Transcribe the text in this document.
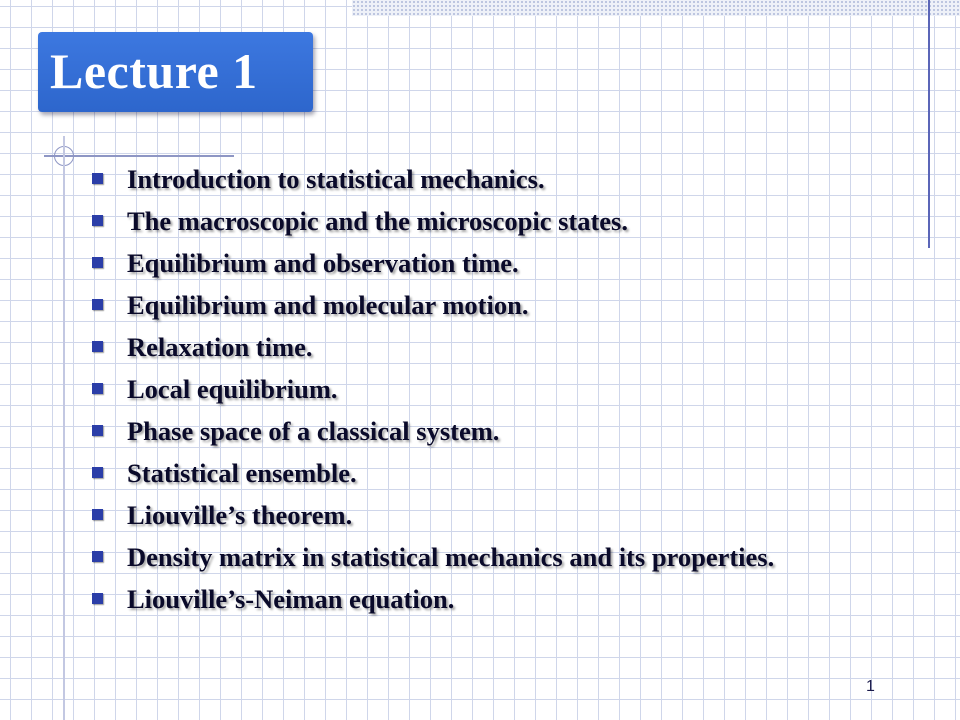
Lecture 1
Introduction to statistical mechanics.
The macroscopic and the microscopic states.
Equilibrium and observation time.
Equilibrium and molecular motion.
Relaxation time.
Local equilibrium.
Phase space of a classical system.
Statistical ensemble.
Liouville’s theorem.
Density matrix in statistical mechanics and its properties.
Liouville’s-Neiman equation.
1
